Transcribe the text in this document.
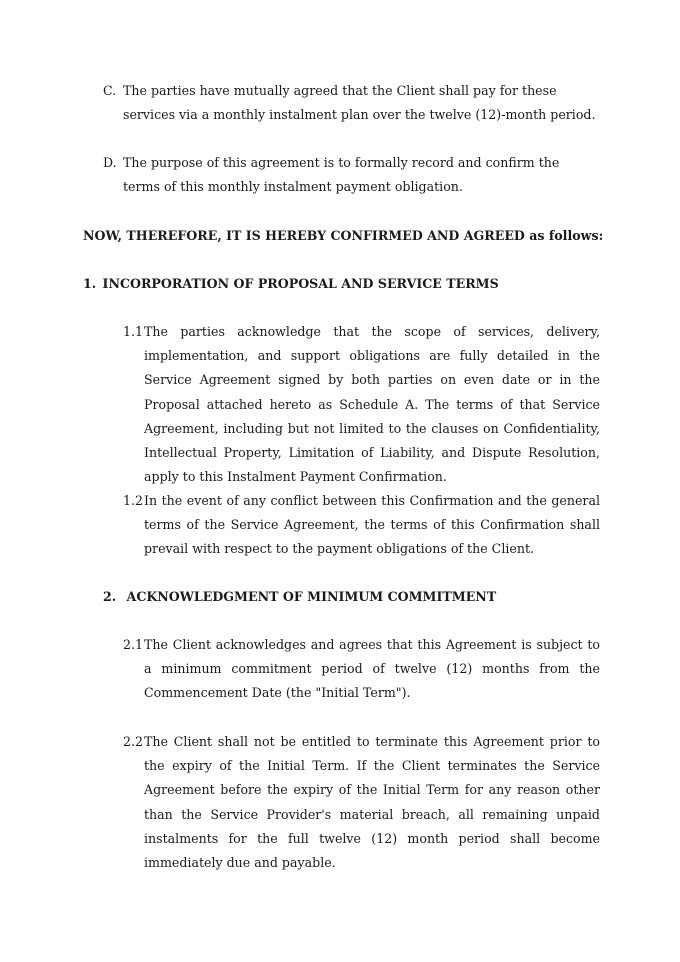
C. The parties have mutually agreed that the Client shall pay for these services via a monthly instalment plan over the twelve (12)-month period.
D. The purpose of this agreement is to formally record and confirm the terms of this monthly instalment payment obligation.
NOW, THEREFORE, IT IS HEREBY CONFIRMED AND AGREED as follows:
1. INCORPORATION OF PROPOSAL AND SERVICE TERMS
1.1 The parties acknowledge that the scope of services, delivery, implementation, and support obligations are fully detailed in the Service Agreement signed by both parties on even date or in the Proposal attached hereto as Schedule A. The terms of that Service Agreement, including but not limited to the clauses on Confidentiality, Intellectual Property, Limitation of Liability, and Dispute Resolution, apply to this Instalment Payment Confirmation.
1.2 In the event of any conflict between this Confirmation and the general terms of the Service Agreement, the terms of this Confirmation shall prevail with respect to the payment obligations of the Client.
2. ACKNOWLEDGMENT OF MINIMUM COMMITMENT
2.1 The Client acknowledges and agrees that this Agreement is subject to a minimum commitment period of twelve (12) months from the Commencement Date (the "Initial Term").
2.2 The Client shall not be entitled to terminate this Agreement prior to the expiry of the Initial Term. If the Client terminates the Service Agreement before the expiry of the Initial Term for any reason other than the Service Provider's material breach, all remaining unpaid instalments for the full twelve (12) month period shall become immediately due and payable.
